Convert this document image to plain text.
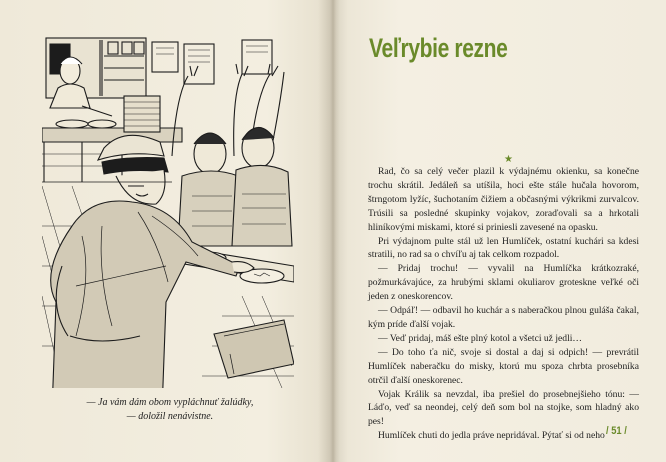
— Ja vám dám obom vypláchnuť žalúdky,
— doložil nenávistne.
Veľrybie rezne
★

Rad, čo sa celý večer plazil k výdajnému okienku, sa konečne trochu skrátil. Jedáleň sa utíšila, hoci ešte stále hučala hovorom, štrngotom lyžíc, šuchotaním čižiem a občasnými výkrikmi zurvalcov. Trúsili sa posledné skupinky vojakov, zoraďovali sa a hrkotali hliníkovými miskami, ktoré si priniesli zavesené na opasku.

Pri výdajnom pulte stál už len Humlíček, ostatní kuchári sa kdesi stratili, no rad sa o chvíľu aj tak celkom rozpadol.

— Pridaj trochu! — vyvalil na Humlíčka krátkozraké, požmurkávajúce, za hrubými sklami okuliarov groteskne veľké oči jeden z oneskorencov.

— Odpáľ! — odbavil ho kuchár a s naberačkou plnou guláša čakal, kým príde ďalší vojak.

— Veď pridaj, máš ešte plný kotol a všetci už jedli…

— Do toho ťa nič, svoje si dostal a daj si odpich! — prevrátil Humlíček naberačku do misky, ktorú mu spoza chrbta prosebníka otrčil ďalší oneskorenec.

Vojak Králik sa nevzdal, iba prešiel do prosebnejšieho tónu: — Láďo, veď sa neondej, celý deň som bol na stojke, som hladný ako pes!

Humlíček chuti do jedla práve nepridával. Pýtať si od neho / 51 /
